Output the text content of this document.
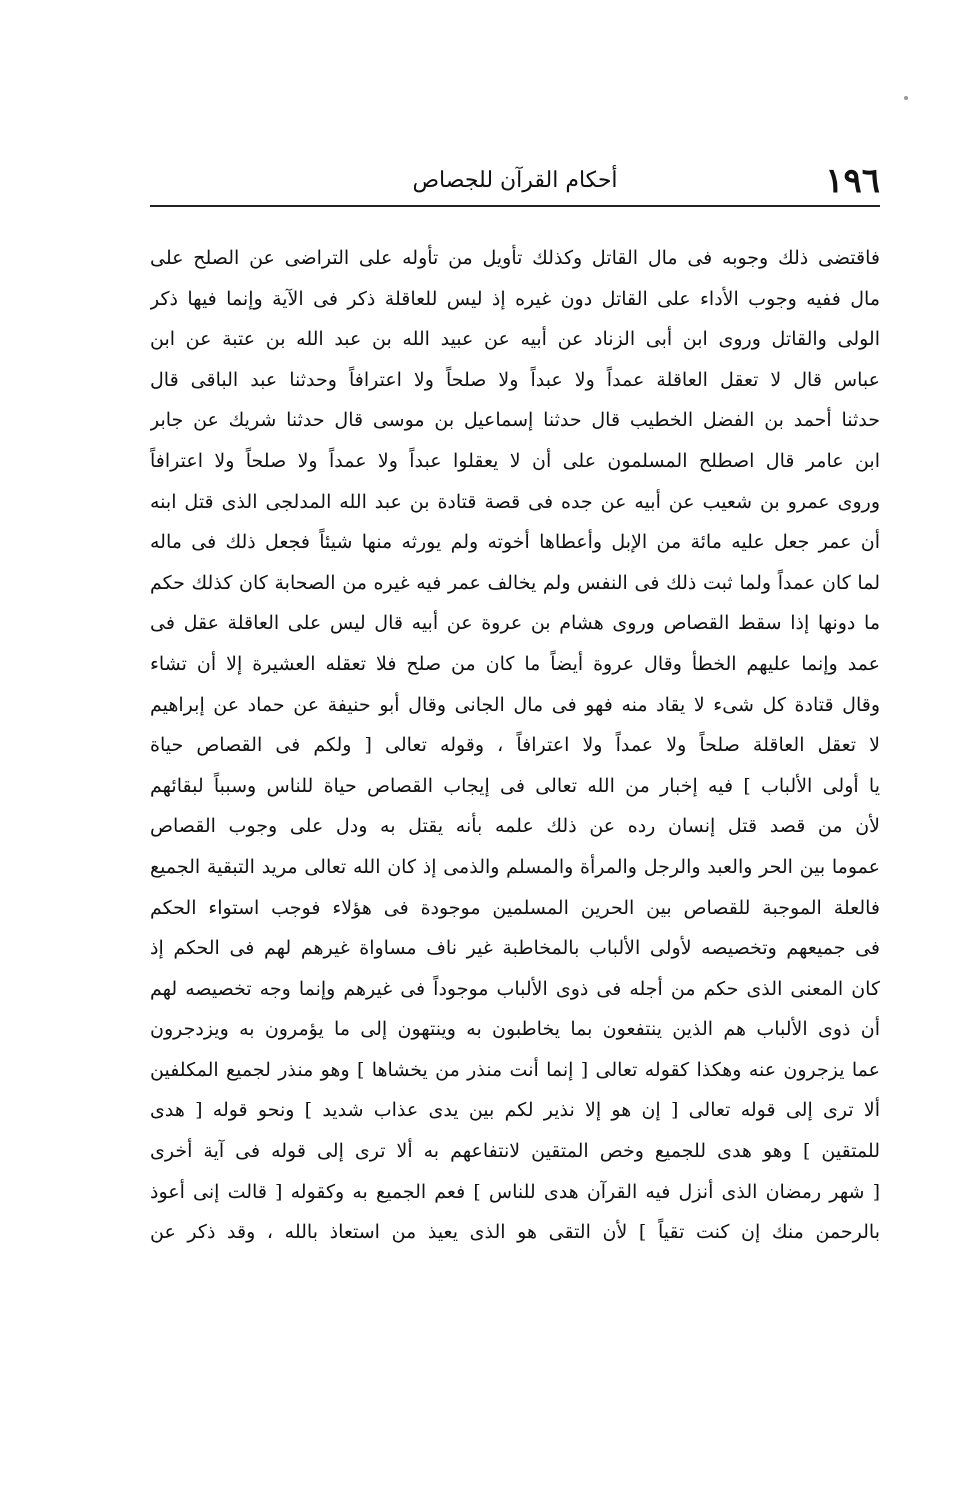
١٩٦
أحكام القرآن للجصاص
فاقتضى ذلك وجوبه فى مال القاتل وكذلك تأويل من تأوله على التراضى عن الصلح على
مال ففيه وجوب الأداء على القاتل دون غيره إذ ليس للعاقلة ذكر فى الآية وإنما فيها ذكر
الولى والقاتل وروى ابن أبى الزناد عن أبيه عن عبيد الله بن عبد الله بن عتبة عن ابن
عباس قال لا تعقل العاقلة عمداً ولا عبداً ولا صلحاً ولا اعترافاً وحدثنا عبد الباقى قال
حدثنا أحمد بن الفضل الخطيب قال حدثنا إسماعيل بن موسى قال حدثنا شريك عن جابر
ابن عامر قال اصطلح المسلمون على أن لا يعقلوا عبداً ولا عمداً ولا صلحاً ولا اعترافاً
وروى عمرو بن شعيب عن أبيه عن جده فى قصة قتادة بن عبد الله المدلجى الذى قتل ابنه
أن عمر جعل عليه مائة من الإبل وأعطاها أخوته ولم يورثه منها شيئاً فجعل ذلك فى ماله
لما كان عمداً ولما ثبت ذلك فى النفس ولم يخالف عمر فيه غيره من الصحابة كان كذلك حكم
ما دونها إذا سقط القصاص وروى هشام بن عروة عن أبيه قال ليس على العاقلة عقل فى
عمد وإنما عليهم الخطأ وقال عروة أيضاً ما كان من صلح فلا تعقله العشيرة إلا أن تشاء
وقال قتادة كل شىء لا يقاد منه فهو فى مال الجانى وقال أبو حنيفة عن حماد عن إبراهيم
لا تعقل العاقلة صلحاً ولا عمداً ولا اعترافاً ، وقوله تعالى [ ولكم فى القصاص حياة
يا أولى الألباب ] فيه إخبار من الله تعالى فى إيجاب القصاص حياة للناس وسبباً لبقائهم
لأن من قصد قتل إنسان رده عن ذلك علمه بأنه يقتل به ودل على وجوب القصاص
عموما بين الحر والعبد والرجل والمرأة والمسلم والذمى إذ كان الله تعالى مريد التبقية الجميع
فالعلة الموجبة للقصاص بين الحرين المسلمين موجودة فى هؤلاء فوجب استواء الحكم
فى جميعهم وتخصيصه لأولى الألباب بالمخاطبة غير ناف مساواة غيرهم لهم فى الحكم إذ
كان المعنى الذى حكم من أجله فى ذوى الألباب موجوداً فى غيرهم وإنما وجه تخصيصه لهم
أن ذوى الألباب هم الذين ينتفعون بما يخاطبون به وينتهون إلى ما يؤمرون به ويزدجرون
عما يزجرون عنه وهكذا كقوله تعالى [ إنما أنت منذر من يخشاها ] وهو منذر لجميع المكلفين
ألا ترى إلى قوله تعالى [ إن هو إلا نذير لكم بين يدى عذاب شديد ] ونحو قوله [ هدى
للمتقين ] وهو هدى للجميع وخص المتقين لانتفاعهم به ألا ترى إلى قوله فى آية أخرى
[ شهر رمضان الذى أنزل فيه القرآن هدى للناس ] فعم الجميع به وكقوله [ قالت إنى أعوذ
بالرحمن منك إن كنت تقياً ] لأن التقى هو الذى يعيذ من استعاذ بالله ، وقد ذكر عن
